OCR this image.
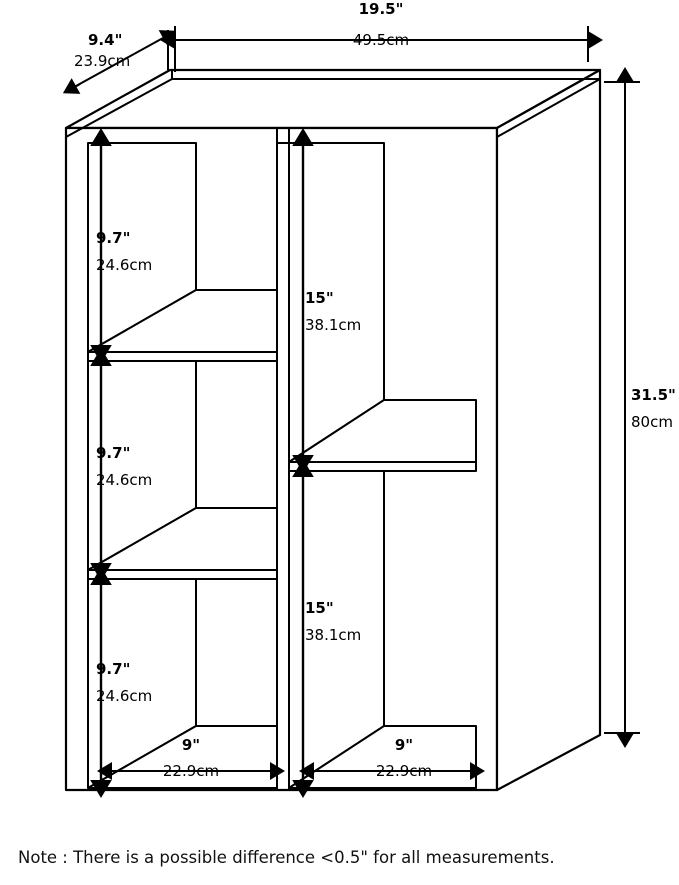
19.5"
49.5cm
9.4"
23.9cm
31.5"
80cm
9.7"
24.6cm
9.7"
24.6cm
9.7"
24.6cm
15"
38.1cm
15"
38.1cm
9"
22.9cm
9"
22.9cm
Note : There is a possible difference <0.5" for all measurements.
